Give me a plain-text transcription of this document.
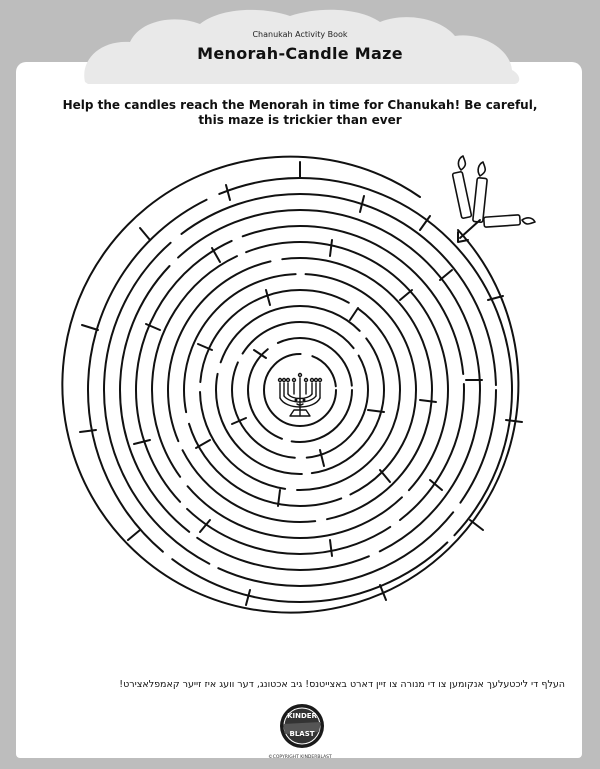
Chanukah Activity Book
Menorah-Candle Maze
Help the candles reach the Menorah in time for Chanukah! Be careful,
this maze is trickier than ever
העלף די ליכטעלעך אנקומען צו די מנורה צו זיין דארט באצייטנס! גיב אכטונג, דער וועג איז זייער קאמפלאצירט!
KINDER
BLAST
©COPYRIGHT KINDERBLAST
